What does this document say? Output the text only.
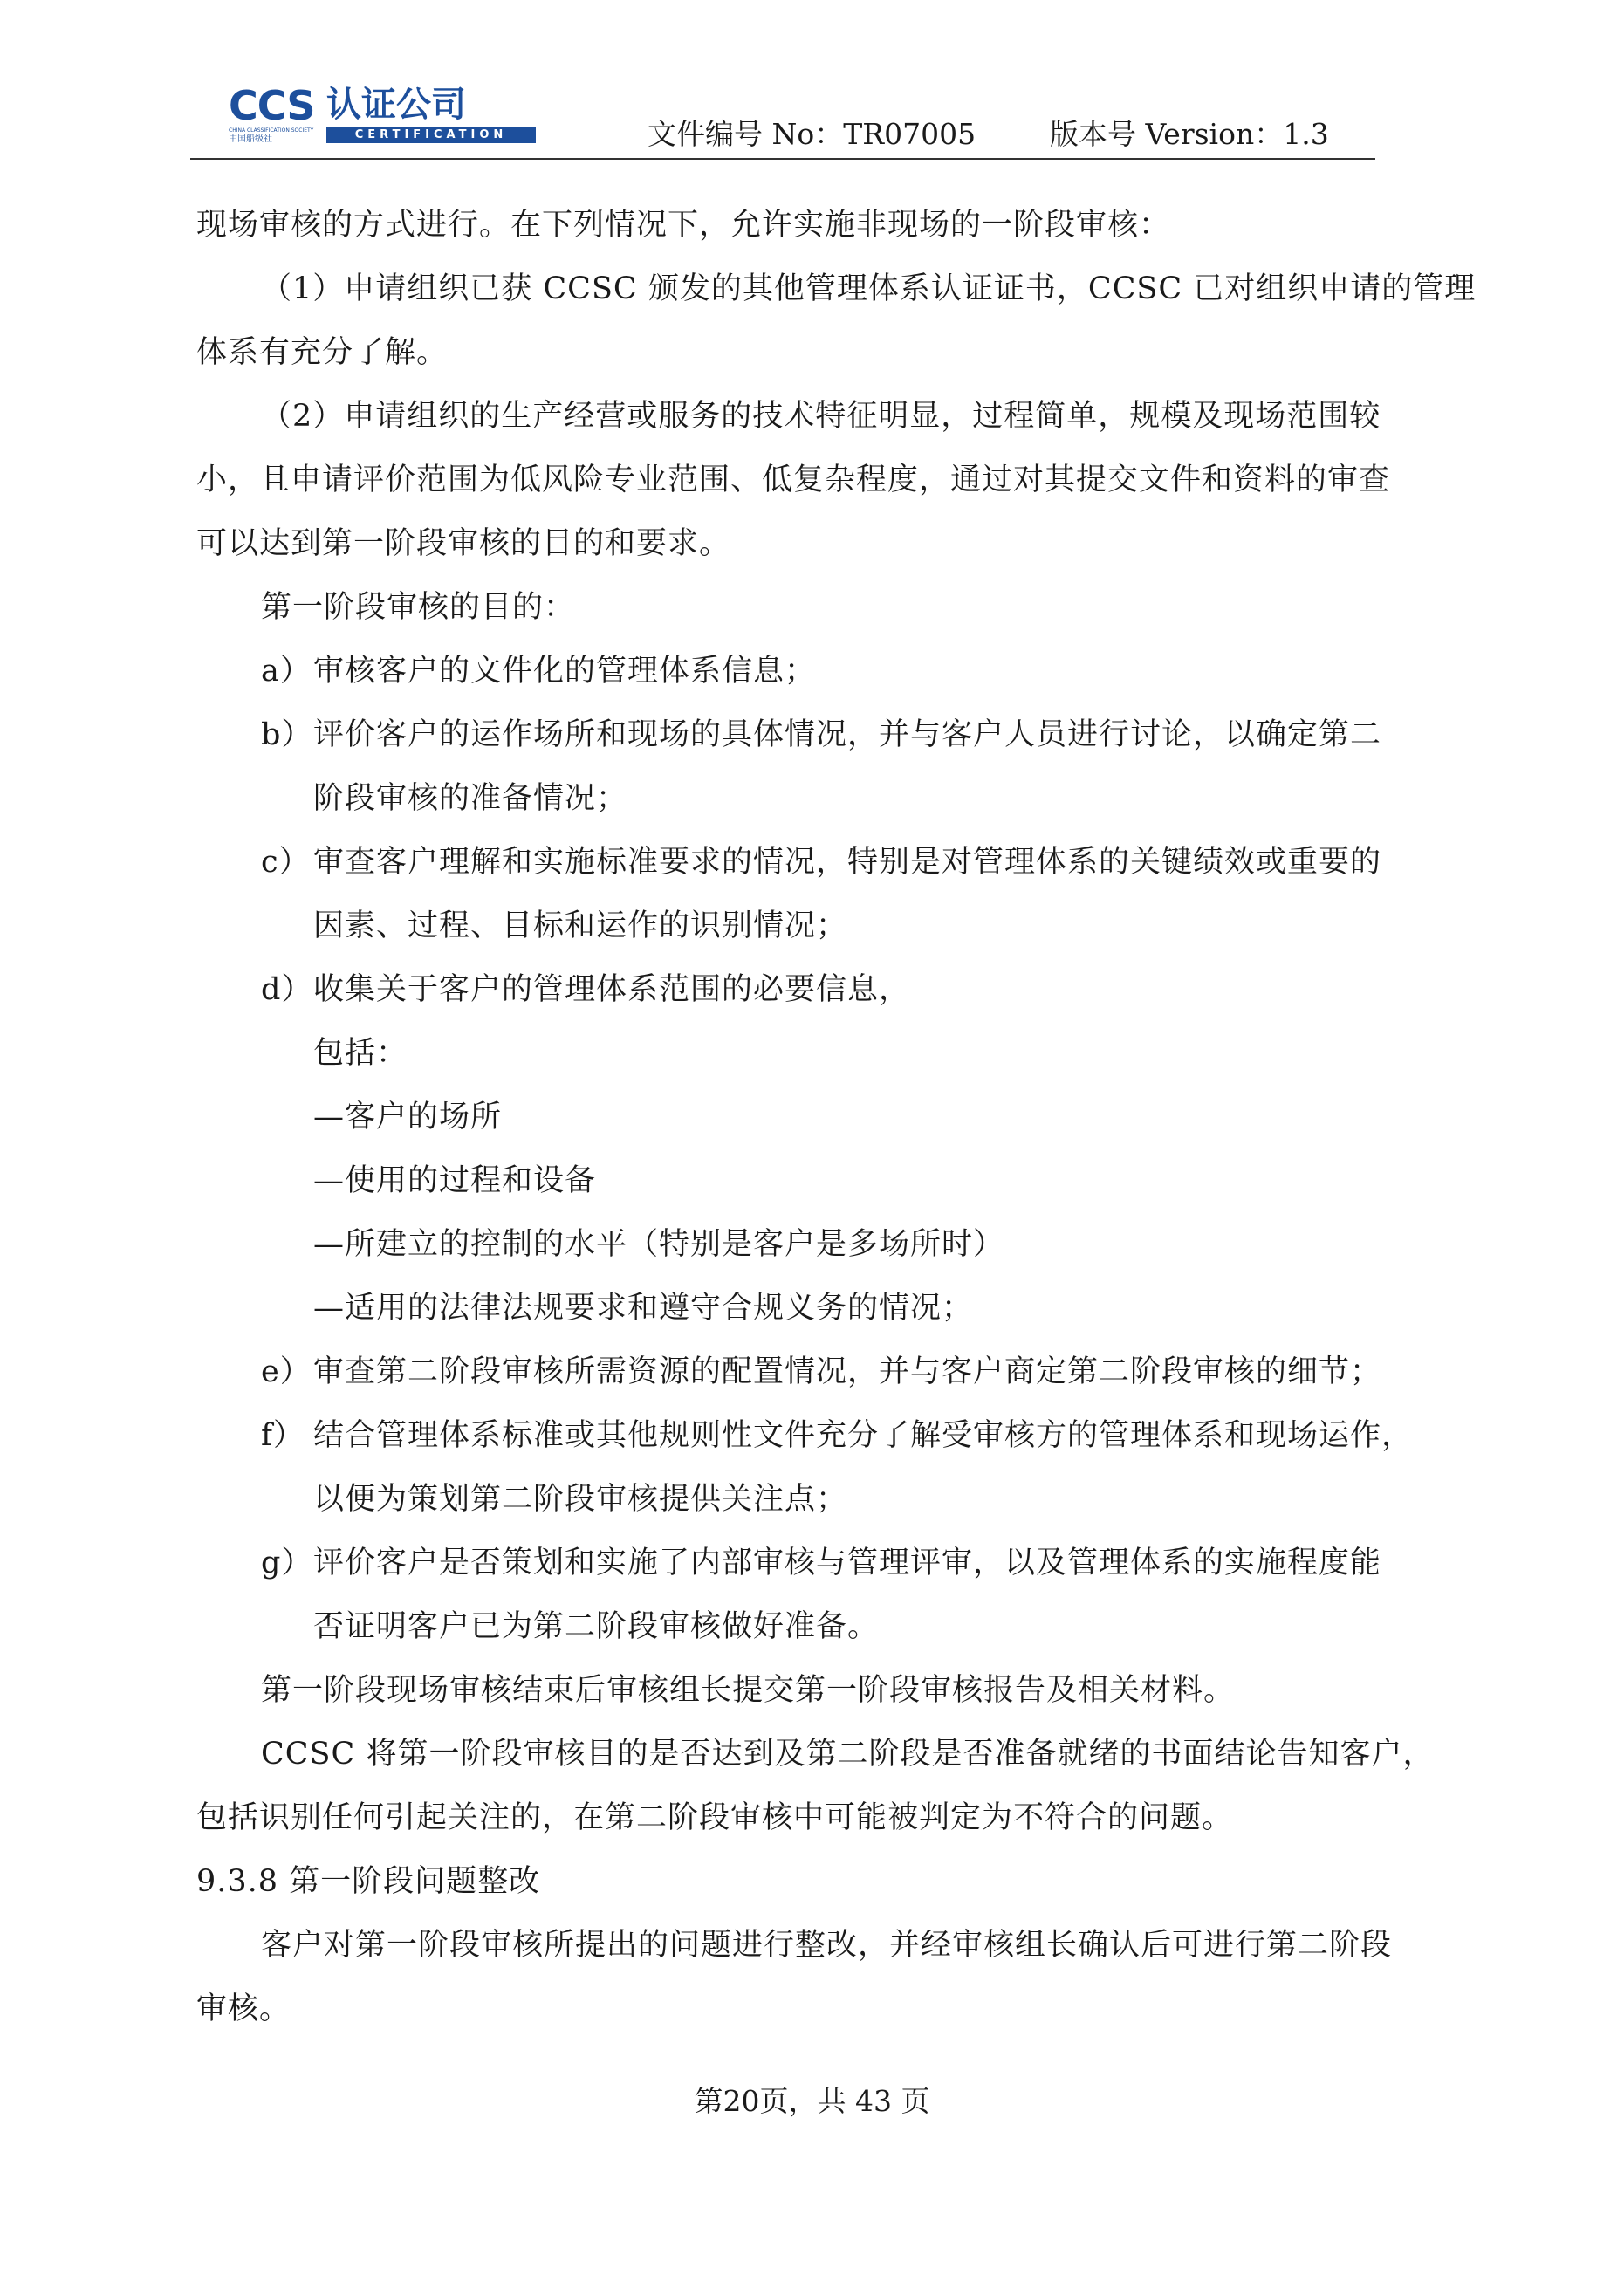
CCS 认证公司
CHINA CLASSIFICATION SOCIETY
中国船级社	CERTIFICATION	文件编号 No：TR07005	版本号 Version：1.3
现场审核的方式进行。在下列情况下，允许实施非现场的一阶段审核：
（1）申请组织已获 CCSC 颁发的其他管理体系认证证书，CCSC 已对组织申请的管理
体系有充分了解。
（2）申请组织的生产经营或服务的技术特征明显，过程简单，规模及现场范围较
小，且申请评价范围为低风险专业范围、低复杂程度，通过对其提交文件和资料的审查
可以达到第一阶段审核的目的和要求。
第一阶段审核的目的：
a） 审核客户的文件化的管理体系信息；
b） 评价客户的运作场所和现场的具体情况，并与客户人员进行讨论，以确定第二
阶段审核的准备情况；
c） 审查客户理解和实施标准要求的情况，特别是对管理体系的关键绩效或重要的
因素、过程、目标和运作的识别情况；
d） 收集关于客户的管理体系范围的必要信息，
包括：
—客户的场所
—使用的过程和设备
—所建立的控制的水平（特别是客户是多场所时）
—适用的法律法规要求和遵守合规义务的情况；
e） 审查第二阶段审核所需资源的配置情况，并与客户商定第二阶段审核的细节；
f） 结合管理体系标准或其他规则性文件充分了解受审核方的管理体系和现场运作，
以便为策划第二阶段审核提供关注点；
g） 评价客户是否策划和实施了内部审核与管理评审，以及管理体系的实施程度能
否证明客户已为第二阶段审核做好准备。
第一阶段现场审核结束后审核组长提交第一阶段审核报告及相关材料。
CCSC 将第一阶段审核目的是否达到及第二阶段是否准备就绪的书面结论告知客户，
包括识别任何引起关注的，在第二阶段审核中可能被判定为不符合的问题。
9.3.8 第一阶段问题整改
客户对第一阶段审核所提出的问题进行整改，并经审核组长确认后可进行第二阶段
审核。
第20页，共 43 页
